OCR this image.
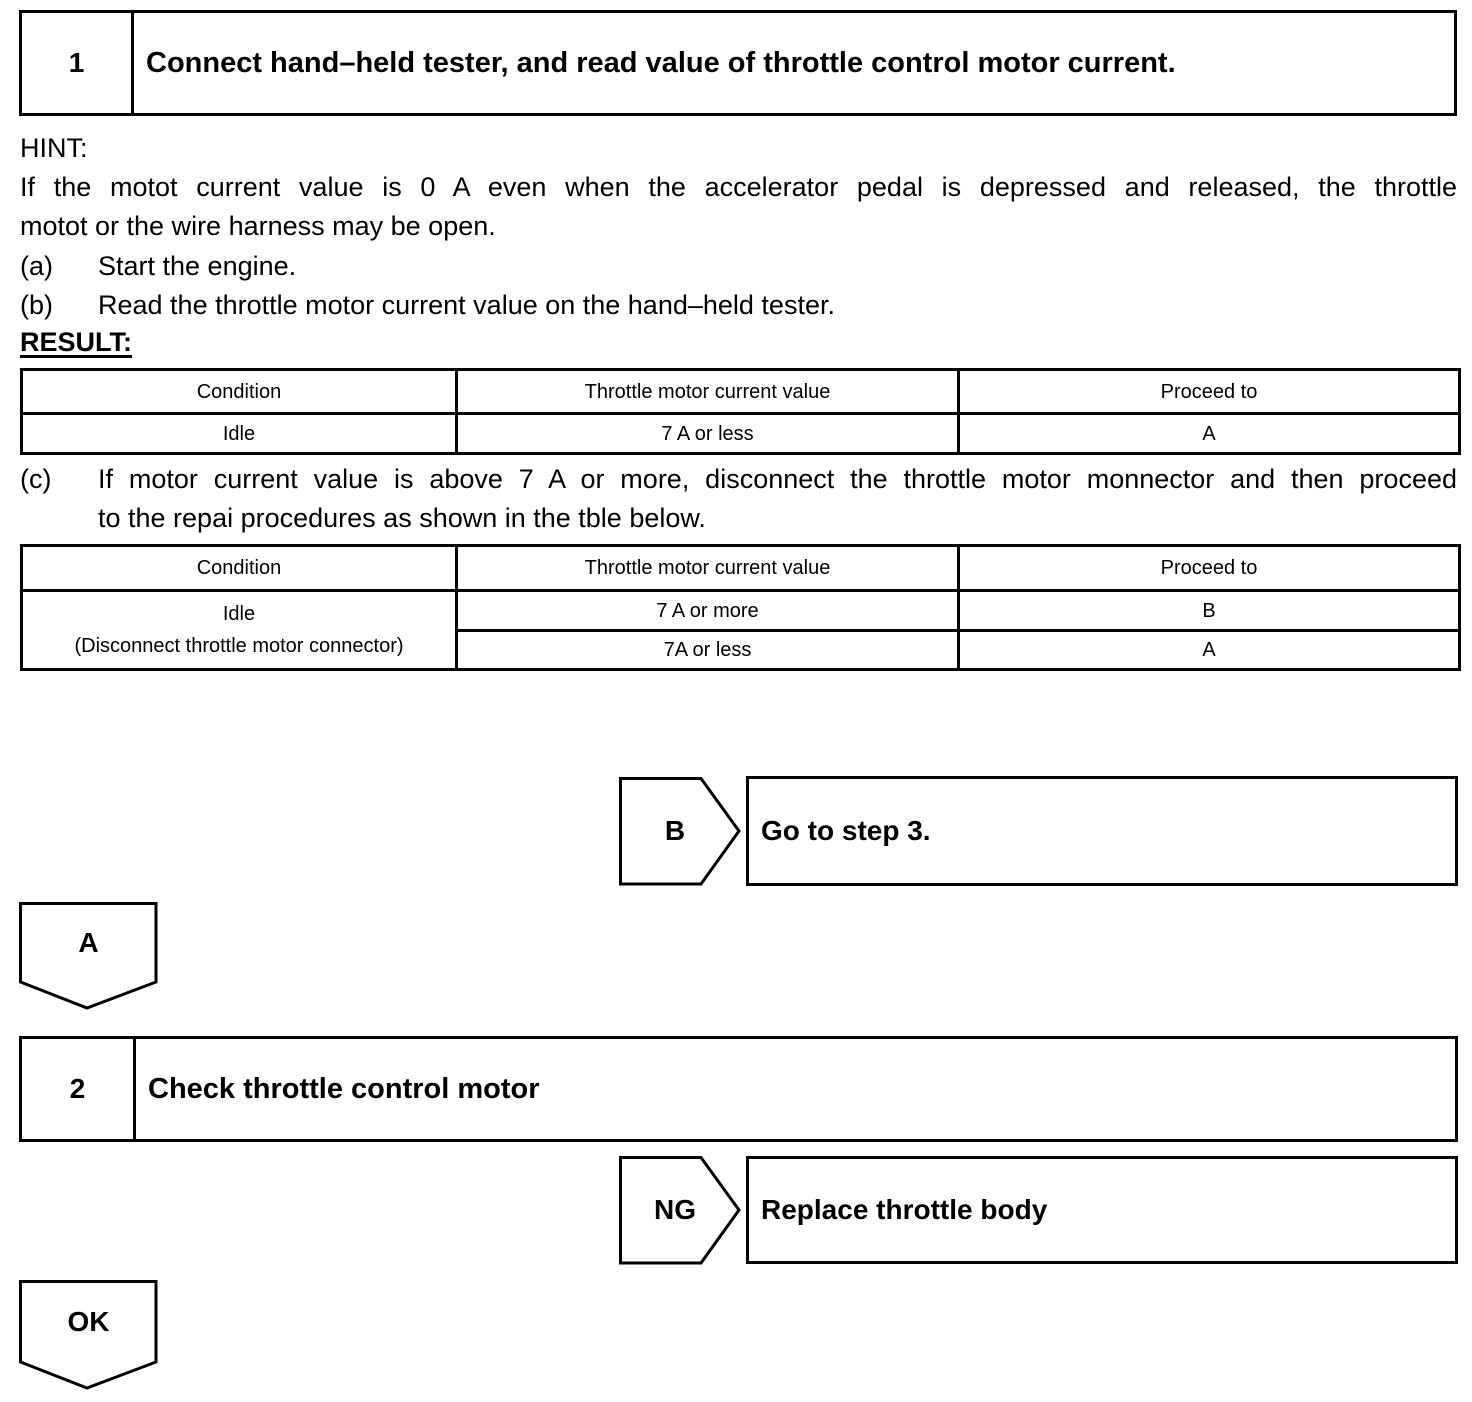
1	Connect hand–held tester, and read value of throttle control motor current.
HINT:
If the motot current value is 0 A even when the accelerator pedal is depressed and released, the throttle
motot or the wire harness may be open.
(a) Start the engine.
(b) Read the throttle motor current value on the hand–held tester.
RESULT:
Condition	Throttle motor current value	Proceed to
Idle	7 A or less	A
(c) If motor current value is above 7 A or more, disconnect the throttle motor monnector and then proceed
to the repai procedures as shown in the tble below.
Condition	Throttle motor current value	Proceed to

Idle
(Disconnect throttle motor connector)	7 A or more	B
	7A or less	A
B	Go to step 3.
A
2	Check throttle control motor
NG	Replace throttle body
OK
